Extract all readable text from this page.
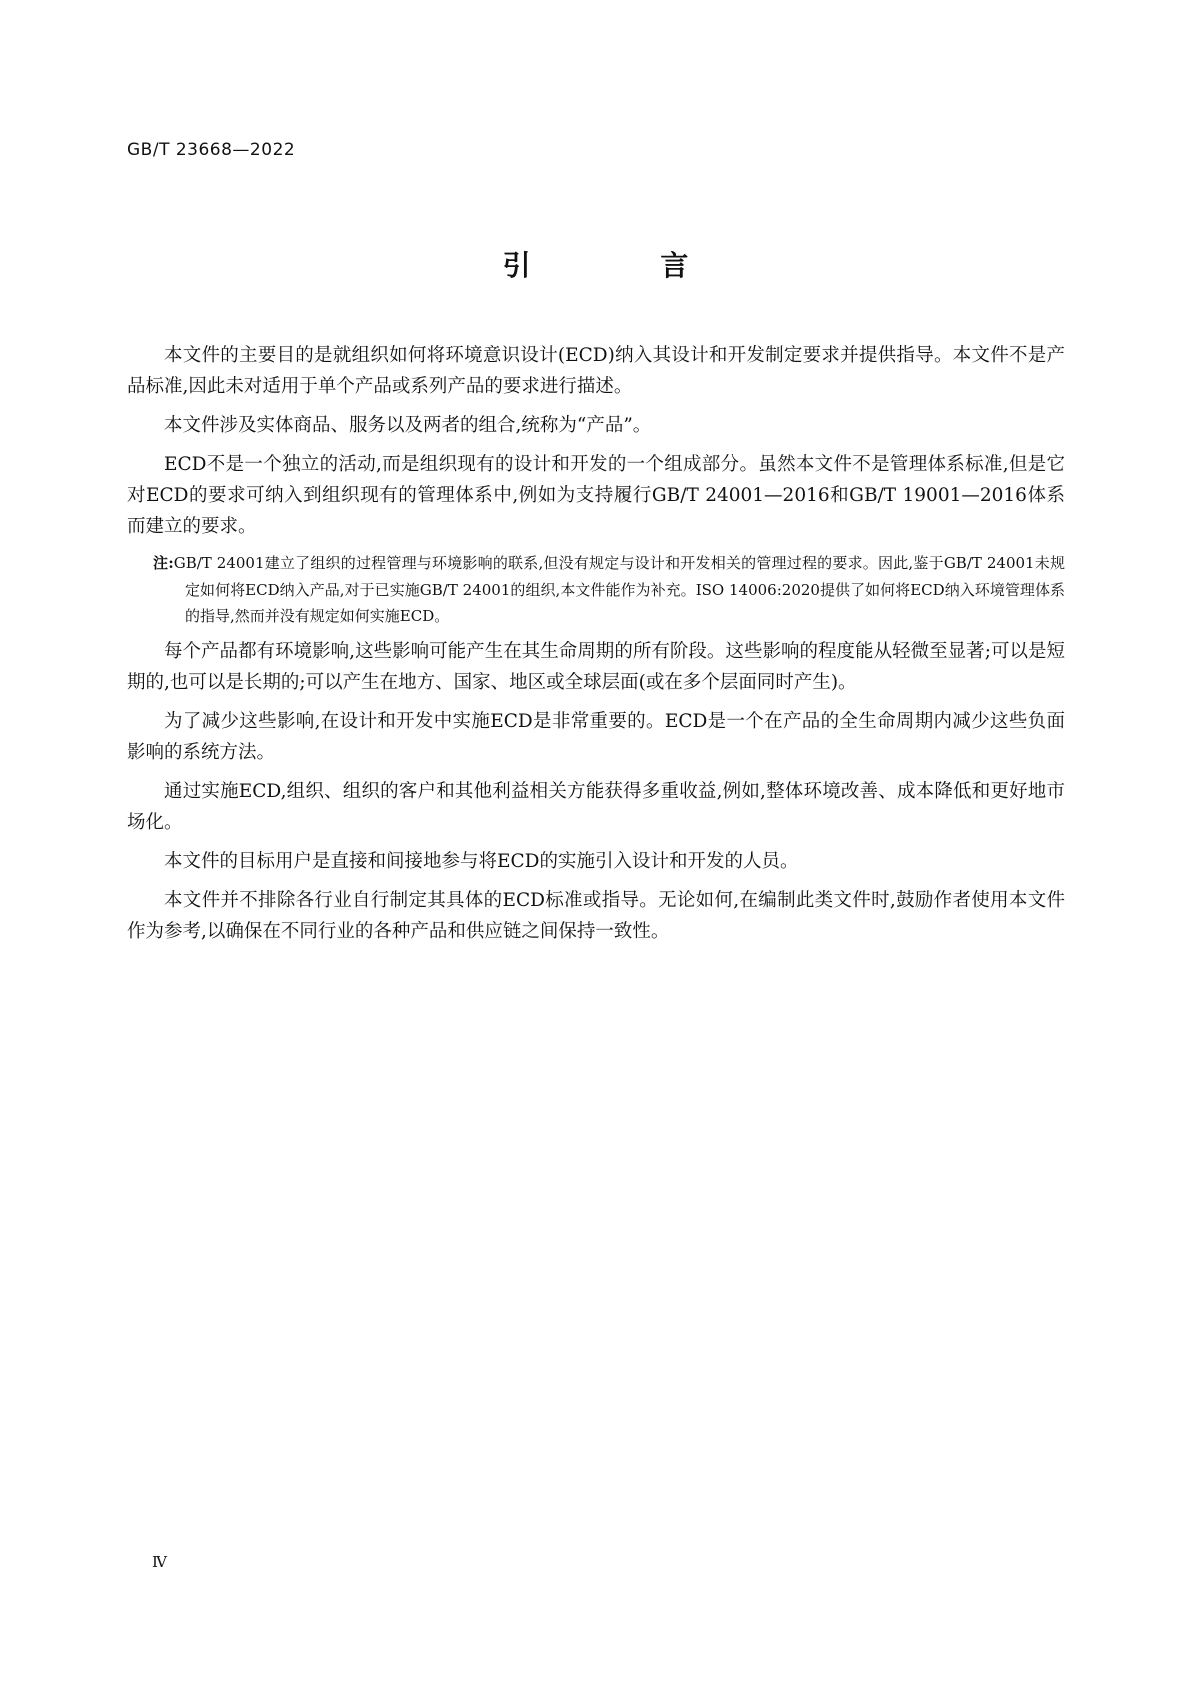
GB/T 23668—2022
引 言

本文件的主要目的是就组织如何将环境意识设计(ECD)纳入其设计和开发制定要求并提供指导。本文件不是产品标准,因此未对适用于单个产品或系列产品的要求进行描述。

本文件涉及实体商品、服务以及两者的组合,统称为“产品”。

ECD不是一个独立的活动,而是组织现有的设计和开发的一个组成部分。虽然本文件不是管理体系标准,但是它对ECD的要求可纳入到组织现有的管理体系中,例如为支持履行GB/T 24001—2016和GB/T 19001—2016体系而建立的要求。

注:GB/T 24001建立了组织的过程管理与环境影响的联系,但没有规定与设计和开发相关的管理过程的要求。因此,鉴于GB/T 24001未规定如何将ECD纳入产品,对于已实施GB/T 24001的组织,本文件能作为补充。ISO 14006:2020提供了如何将ECD纳入环境管理体系的指导,然而并没有规定如何实施ECD。

每个产品都有环境影响,这些影响可能产生在其生命周期的所有阶段。这些影响的程度能从轻微至显著;可以是短期的,也可以是长期的;可以产生在地方、国家、地区或全球层面(或在多个层面同时产生)。

为了减少这些影响,在设计和开发中实施ECD是非常重要的。ECD是一个在产品的全生命周期内减少这些负面影响的系统方法。

通过实施ECD,组织、组织的客户和其他利益相关方能获得多重收益,例如,整体环境改善、成本降低和更好地市场化。

本文件的目标用户是直接和间接地参与将ECD的实施引入设计和开发的人员。

本文件并不排除各行业自行制定其具体的ECD标准或指导。无论如何,在编制此类文件时,鼓励作者使用本文件作为参考,以确保在不同行业的各种产品和供应链之间保持一致性。

Ⅳ
